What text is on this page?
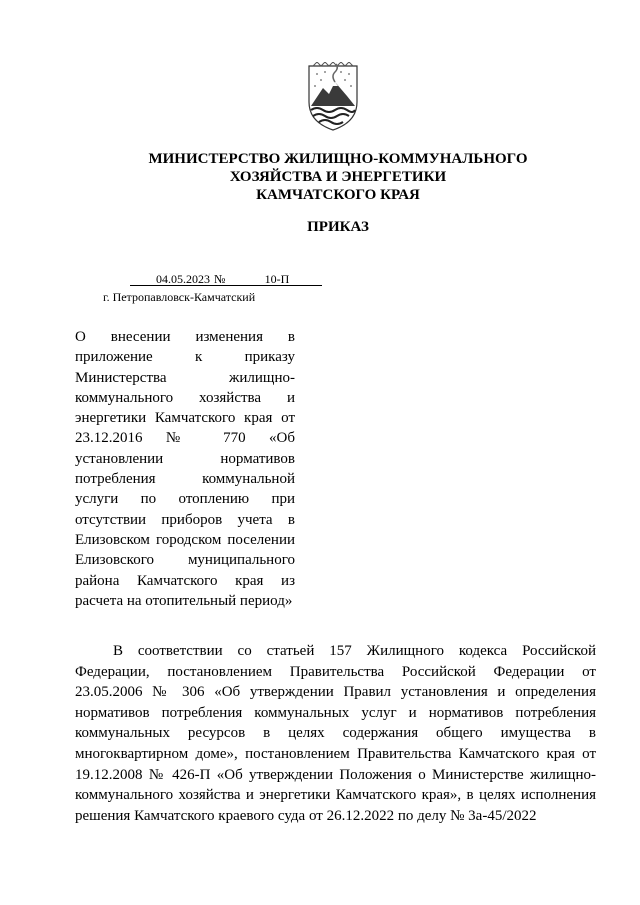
МИНИСТЕРСТВО ЖИЛИЩНО-КОММУНАЛЬНОГО
ХОЗЯЙСТВА И ЭНЕРГЕТИКИ
КАМЧАТСКОГО КРАЯ

ПРИКАЗ

04.05.2023 №	10-П
г. Петропавловск-Камчатский

О внесении изменения в приложение к приказу Министерства жилищно-коммунального хозяйства и энергетики Камчатского края от 23.12.2016 № 770 «Об установлении нормативов потребления коммунальной услуги по отоплению при отсутствии приборов учета в Елизовском городском поселении Елизовского муниципального района Камчатского края из расчета на отопительный период»

В соответствии со статьей 157 Жилищного кодекса Российской Федерации, постановлением Правительства Российской Федерации от 23.05.2006 № 306 «Об утверждении Правил установления и определения нормативов потребления коммунальных услуг и нормативов потребления коммунальных ресурсов в целях содержания общего имущества в многоквартирном доме», постановлением Правительства Камчатского края от 19.12.2008 № 426-П «Об утверждении Положения о Министерстве жилищно-коммунального хозяйства и энергетики Камчатского края», в целях исполнения решения Камчатского краевого суда от 26.12.2022 по делу № 3а-45/2022
